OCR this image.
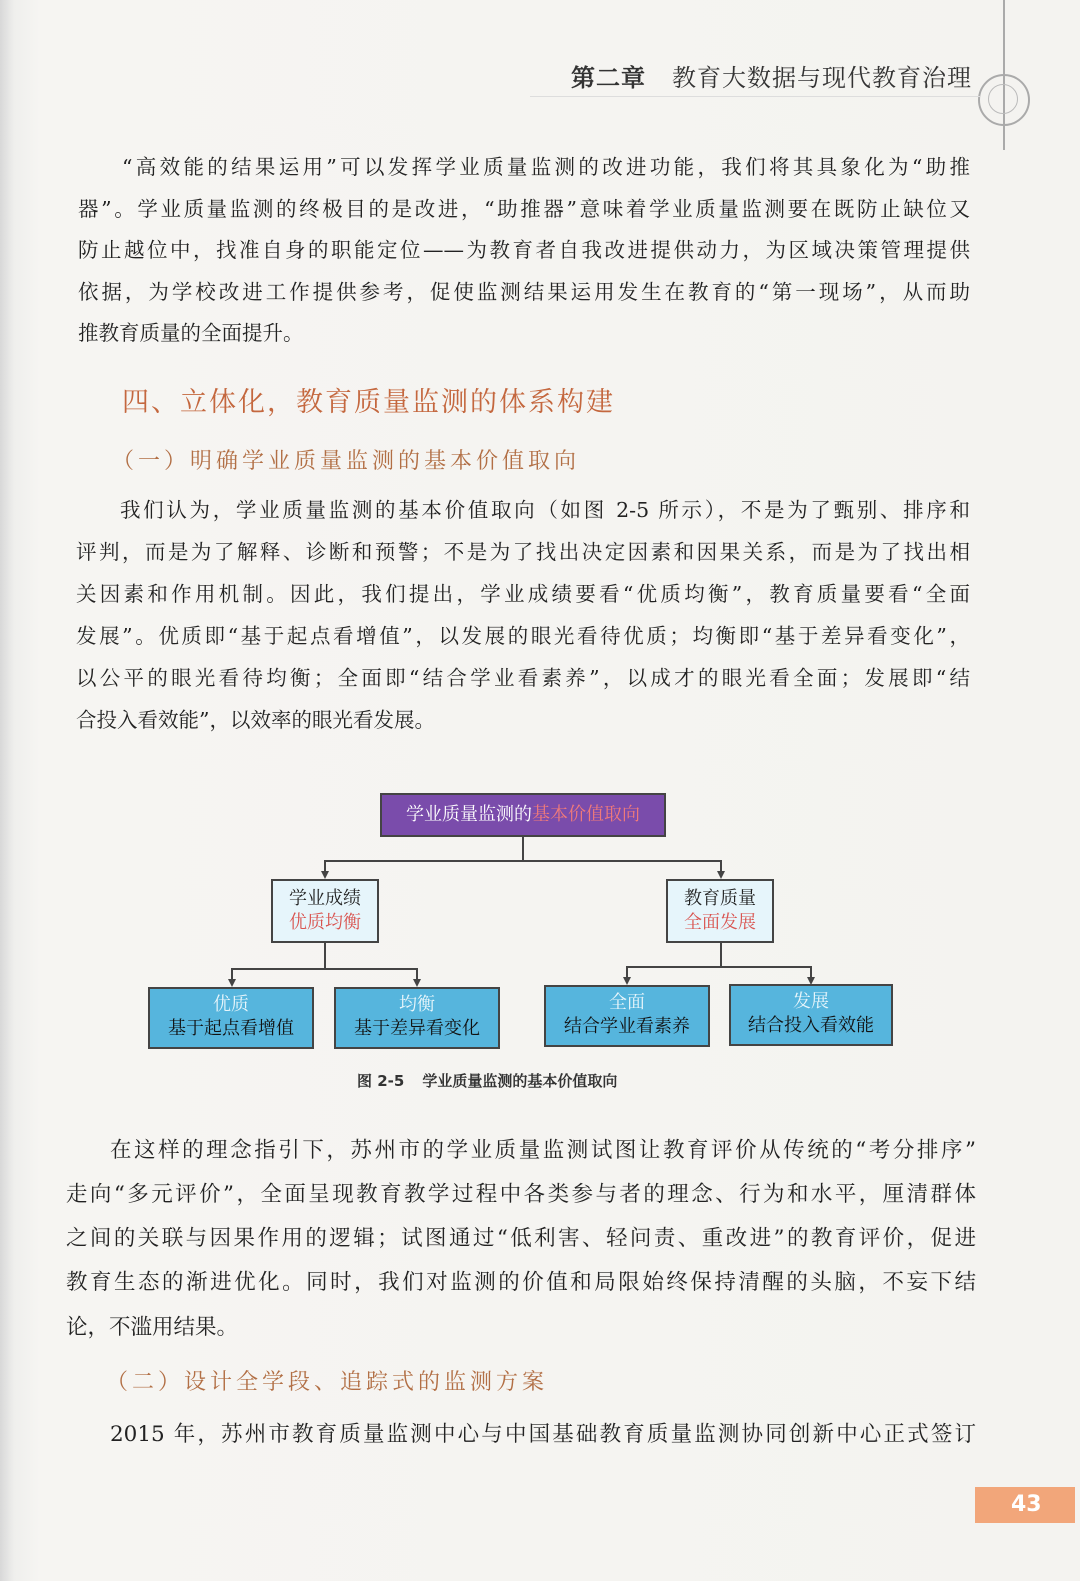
第二章 教育大数据与现代教育治理
“高效能的结果运用”可以发挥学业质量监测的改进功能，我们将其具象化为“助推
器”。学业质量监测的终极目的是改进，“助推器”意味着学业质量监测要在既防止缺位又
防止越位中，找准自身的职能定位——为教育者自我改进提供动力，为区域决策管理提供
依据，为学校改进工作提供参考，促使监测结果运用发生在教育的“第一现场”，从而助
推教育质量的全面提升。
四、立体化，教育质量监测的体系构建
（一）明确学业质量监测的基本价值取向
我们认为，学业质量监测的基本价值取向（如图 2-5 所示），不是为了甄别、排序和
评判，而是为了解释、诊断和预警；不是为了找出决定因素和因果关系，而是为了找出相
关因素和作用机制。因此，我们提出，学业成绩要看“优质均衡”，教育质量要看“全面
发展”。优质即“基于起点看增值”，以发展的眼光看待优质；均衡即“基于差异看变化”，
以公平的眼光看待均衡；全面即“结合学业看素养”，以成才的眼光看全面；发展即“结
合投入看效能”，以效率的眼光看发展。
学业质量监测的基本价值取向
学业成绩
优质均衡
教育质量
全面发展
优质
基于起点看增值
均衡
基于差异看变化
全面
结合学业看素养
发展
结合投入看效能
图 2-5 学业质量监测的基本价值取向
在这样的理念指引下，苏州市的学业质量监测试图让教育评价从传统的“考分排序”
走向“多元评价”，全面呈现教育教学过程中各类参与者的理念、行为和水平，厘清群体
之间的关联与因果作用的逻辑；试图通过“低利害、轻问责、重改进”的教育评价，促进
教育生态的渐进优化。同时，我们对监测的价值和局限始终保持清醒的头脑，不妄下结
论，不滥用结果。
（二）设计全学段、追踪式的监测方案
2015 年，苏州市教育质量监测中心与中国基础教育质量监测协同创新中心正式签订
43
